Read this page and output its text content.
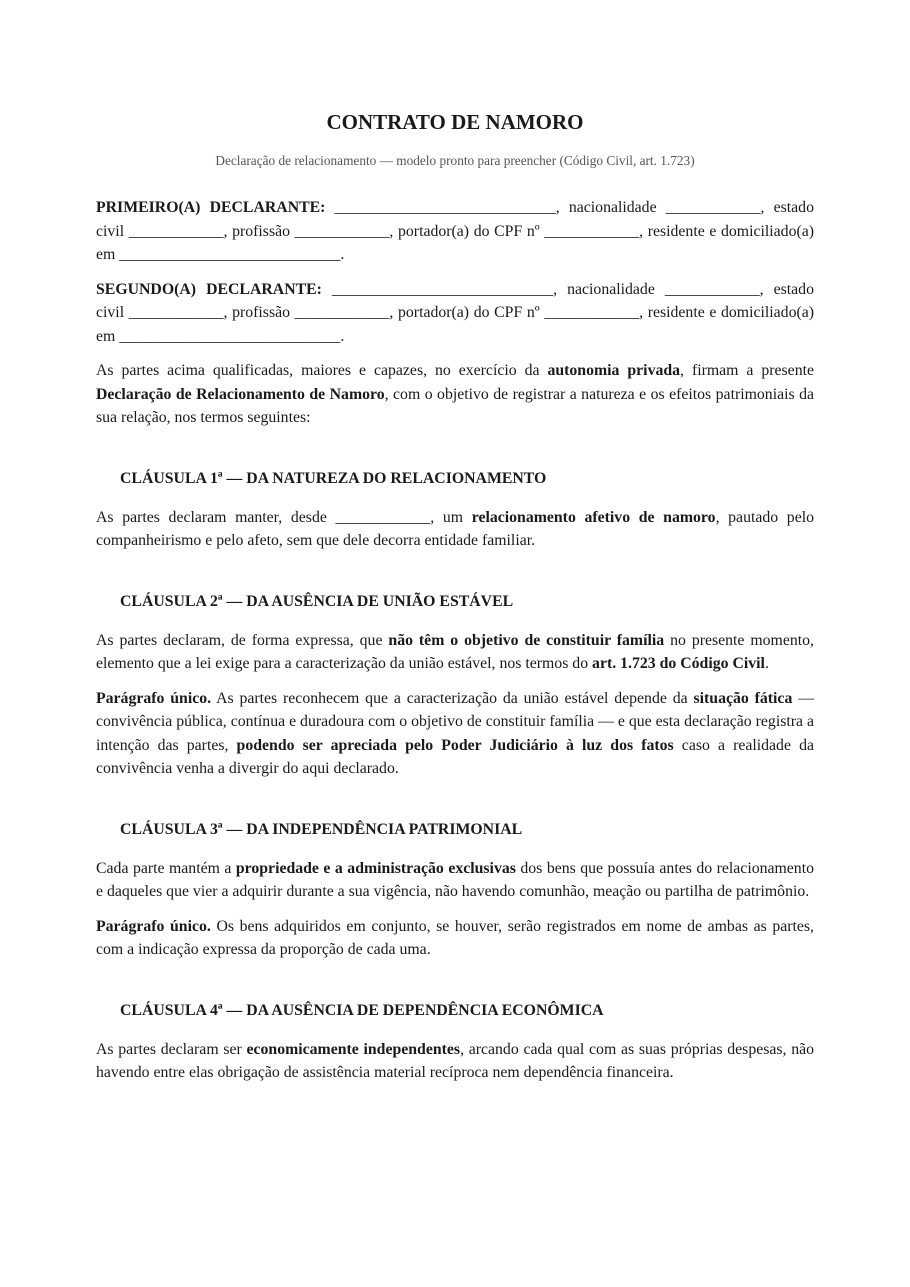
CONTRATO DE NAMORO
Declaração de relacionamento — modelo pronto para preencher (Código Civil, art. 1.723)

PRIMEIRO(A) DECLARANTE: ____________________________, nacionalidade ____________, estado civil ____________, profissão ____________, portador(a) do CPF nº ____________, residente e domiciliado(a) em ____________________________.

SEGUNDO(A) DECLARANTE: ____________________________, nacionalidade ____________, estado civil ____________, profissão ____________, portador(a) do CPF nº ____________, residente e domiciliado(a) em ____________________________.

As partes acima qualificadas, maiores e capazes, no exercício da autonomia privada, firmam a presente Declaração de Relacionamento de Namoro, com o objetivo de registrar a natureza e os efeitos patrimoniais da sua relação, nos termos seguintes:

CLÁUSULA 1ª — DA NATUREZA DO RELACIONAMENTO

As partes declaram manter, desde ____________, um relacionamento afetivo de namoro, pautado pelo companheirismo e pelo afeto, sem que dele decorra entidade familiar.

CLÁUSULA 2ª — DA AUSÊNCIA DE UNIÃO ESTÁVEL

As partes declaram, de forma expressa, que não têm o objetivo de constituir família no presente momento, elemento que a lei exige para a caracterização da união estável, nos termos do art. 1.723 do Código Civil.

Parágrafo único. As partes reconhecem que a caracterização da união estável depende da situação fática — convivência pública, contínua e duradoura com o objetivo de constituir família — e que esta declaração registra a intenção das partes, podendo ser apreciada pelo Poder Judiciário à luz dos fatos caso a realidade da convivência venha a divergir do aqui declarado.

CLÁUSULA 3ª — DA INDEPENDÊNCIA PATRIMONIAL

Cada parte mantém a propriedade e a administração exclusivas dos bens que possuía antes do relacionamento e daqueles que vier a adquirir durante a sua vigência, não havendo comunhão, meação ou partilha de patrimônio.

Parágrafo único. Os bens adquiridos em conjunto, se houver, serão registrados em nome de ambas as partes, com a indicação expressa da proporção de cada uma.

CLÁUSULA 4ª — DA AUSÊNCIA DE DEPENDÊNCIA ECONÔMICA

As partes declaram ser economicamente independentes, arcando cada qual com as suas próprias despesas, não havendo entre elas obrigação de assistência material recíproca nem dependência financeira.
